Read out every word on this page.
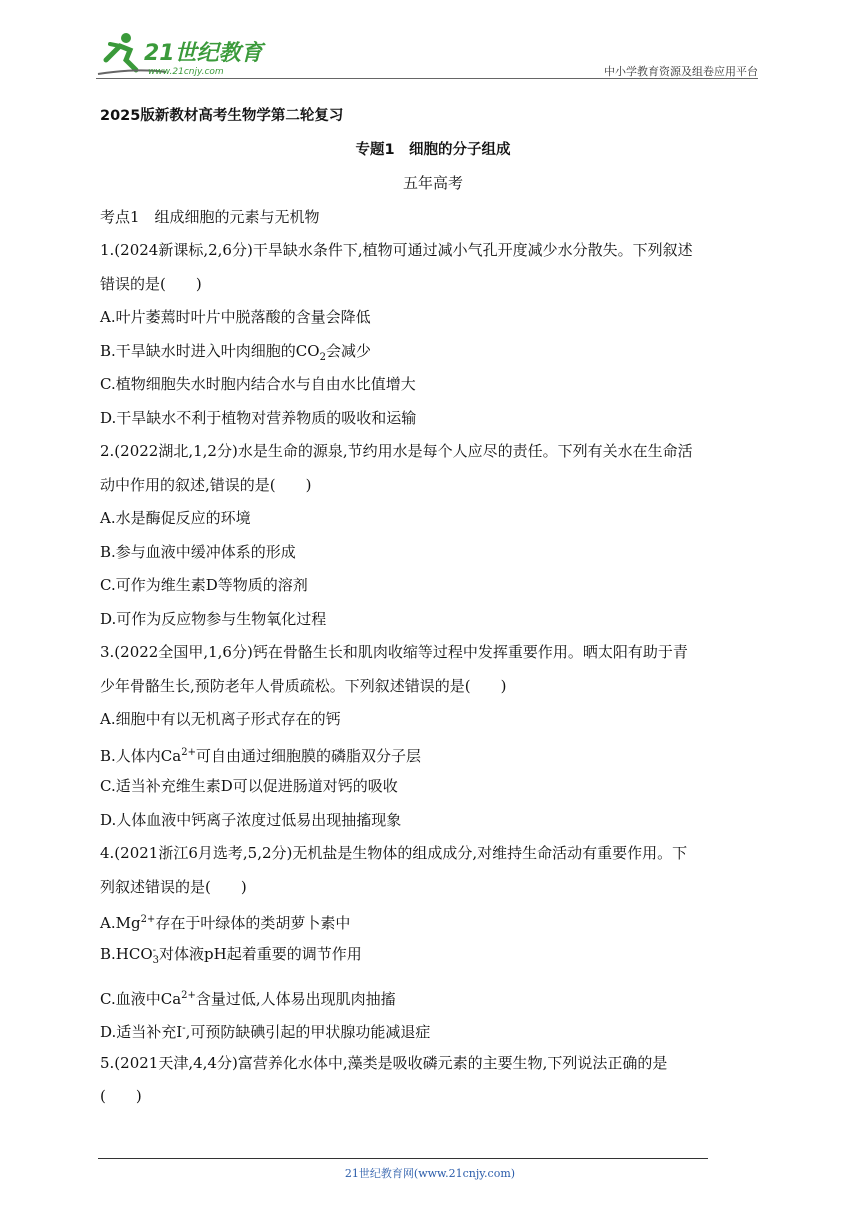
21世纪教育
www.21cnjy.com	中小学教育资源及组卷应用平台
2025版新教材高考生物学第二轮复习
专题1　细胞的分子组成
五年高考
考点1　组成细胞的元素与无机物
1.(2024新课标,2,6分)干旱缺水条件下,植物可通过减小气孔开度减少水分散失。下列叙述
错误的是(　　)
A.叶片萎蔫时叶片中脱落酸的含量会降低
B.干旱缺水时进入叶肉细胞的$CO_2$会减少
C.植物细胞失水时胞内结合水与自由水比值增大
D.干旱缺水不利于植物对营养物质的吸收和运输
2.(2022湖北,1,2分)水是生命的源泉,节约用水是每个人应尽的责任。下列有关水在生命活
动中作用的叙述,错误的是(　　)
A.水是酶促反应的环境
B.参与血液中缓冲体系的形成
C.可作为维生素D等物质的溶剂
D.可作为反应物参与生物氧化过程
3.(2022全国甲,1,6分)钙在骨骼生长和肌肉收缩等过程中发挥重要作用。晒太阳有助于青
少年骨骼生长,预防老年人骨质疏松。下列叙述错误的是(　　)
A.细胞中有以无机离子形式存在的钙
B.人体内$Ca^{2+}$可自由通过细胞膜的磷脂双分子层
C.适当补充维生素D可以促进肠道对钙的吸收
D.人体血液中钙离子浓度过低易出现抽搐现象
4.(2021浙江6月选考,5,2分)无机盐是生物体的组成成分,对维持生命活动有重要作用。下
列叙述错误的是(　　)
$A.Mg^{2+}$存在于叶绿体的类胡萝卜素中
B.HCO -
3 对体液pH起着重要的调节作用
C.血液中$Ca^{2+}$含量过低,人体易出现肌肉抽搐
D.适当补充I-,可预防缺碘引起的甲状腺功能减退症
5.(2021天津,4,4分)富营养化水体中,藻类是吸收磷元素的主要生物,下列说法正确的是
(　　)
21世纪教育网(www.21cnjy.com)
